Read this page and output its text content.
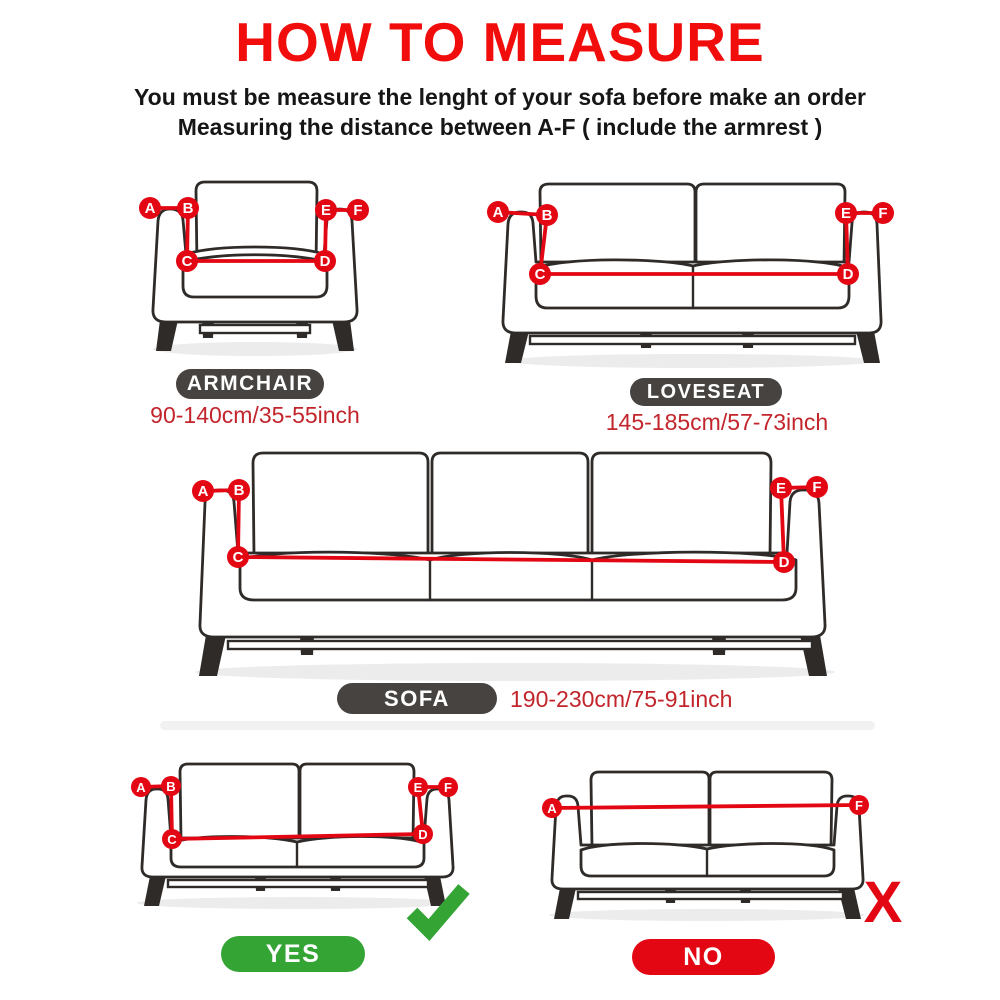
HOW TO MEASURE
You must be measure the lenght of your sofa before make an order
Measuring the distance between A-F ( include the armrest )
A	B
C	D
E	F	A	B
C	D
E	F
A	B
C	D
E	F
A	B
C	D
E	F
A	F
ARMCHAIR
90-140cm/35-55inch
LOVESEAT
145-185cm/57-73inch
SOFA	190-230cm/75-91inch
YES	NO
X
